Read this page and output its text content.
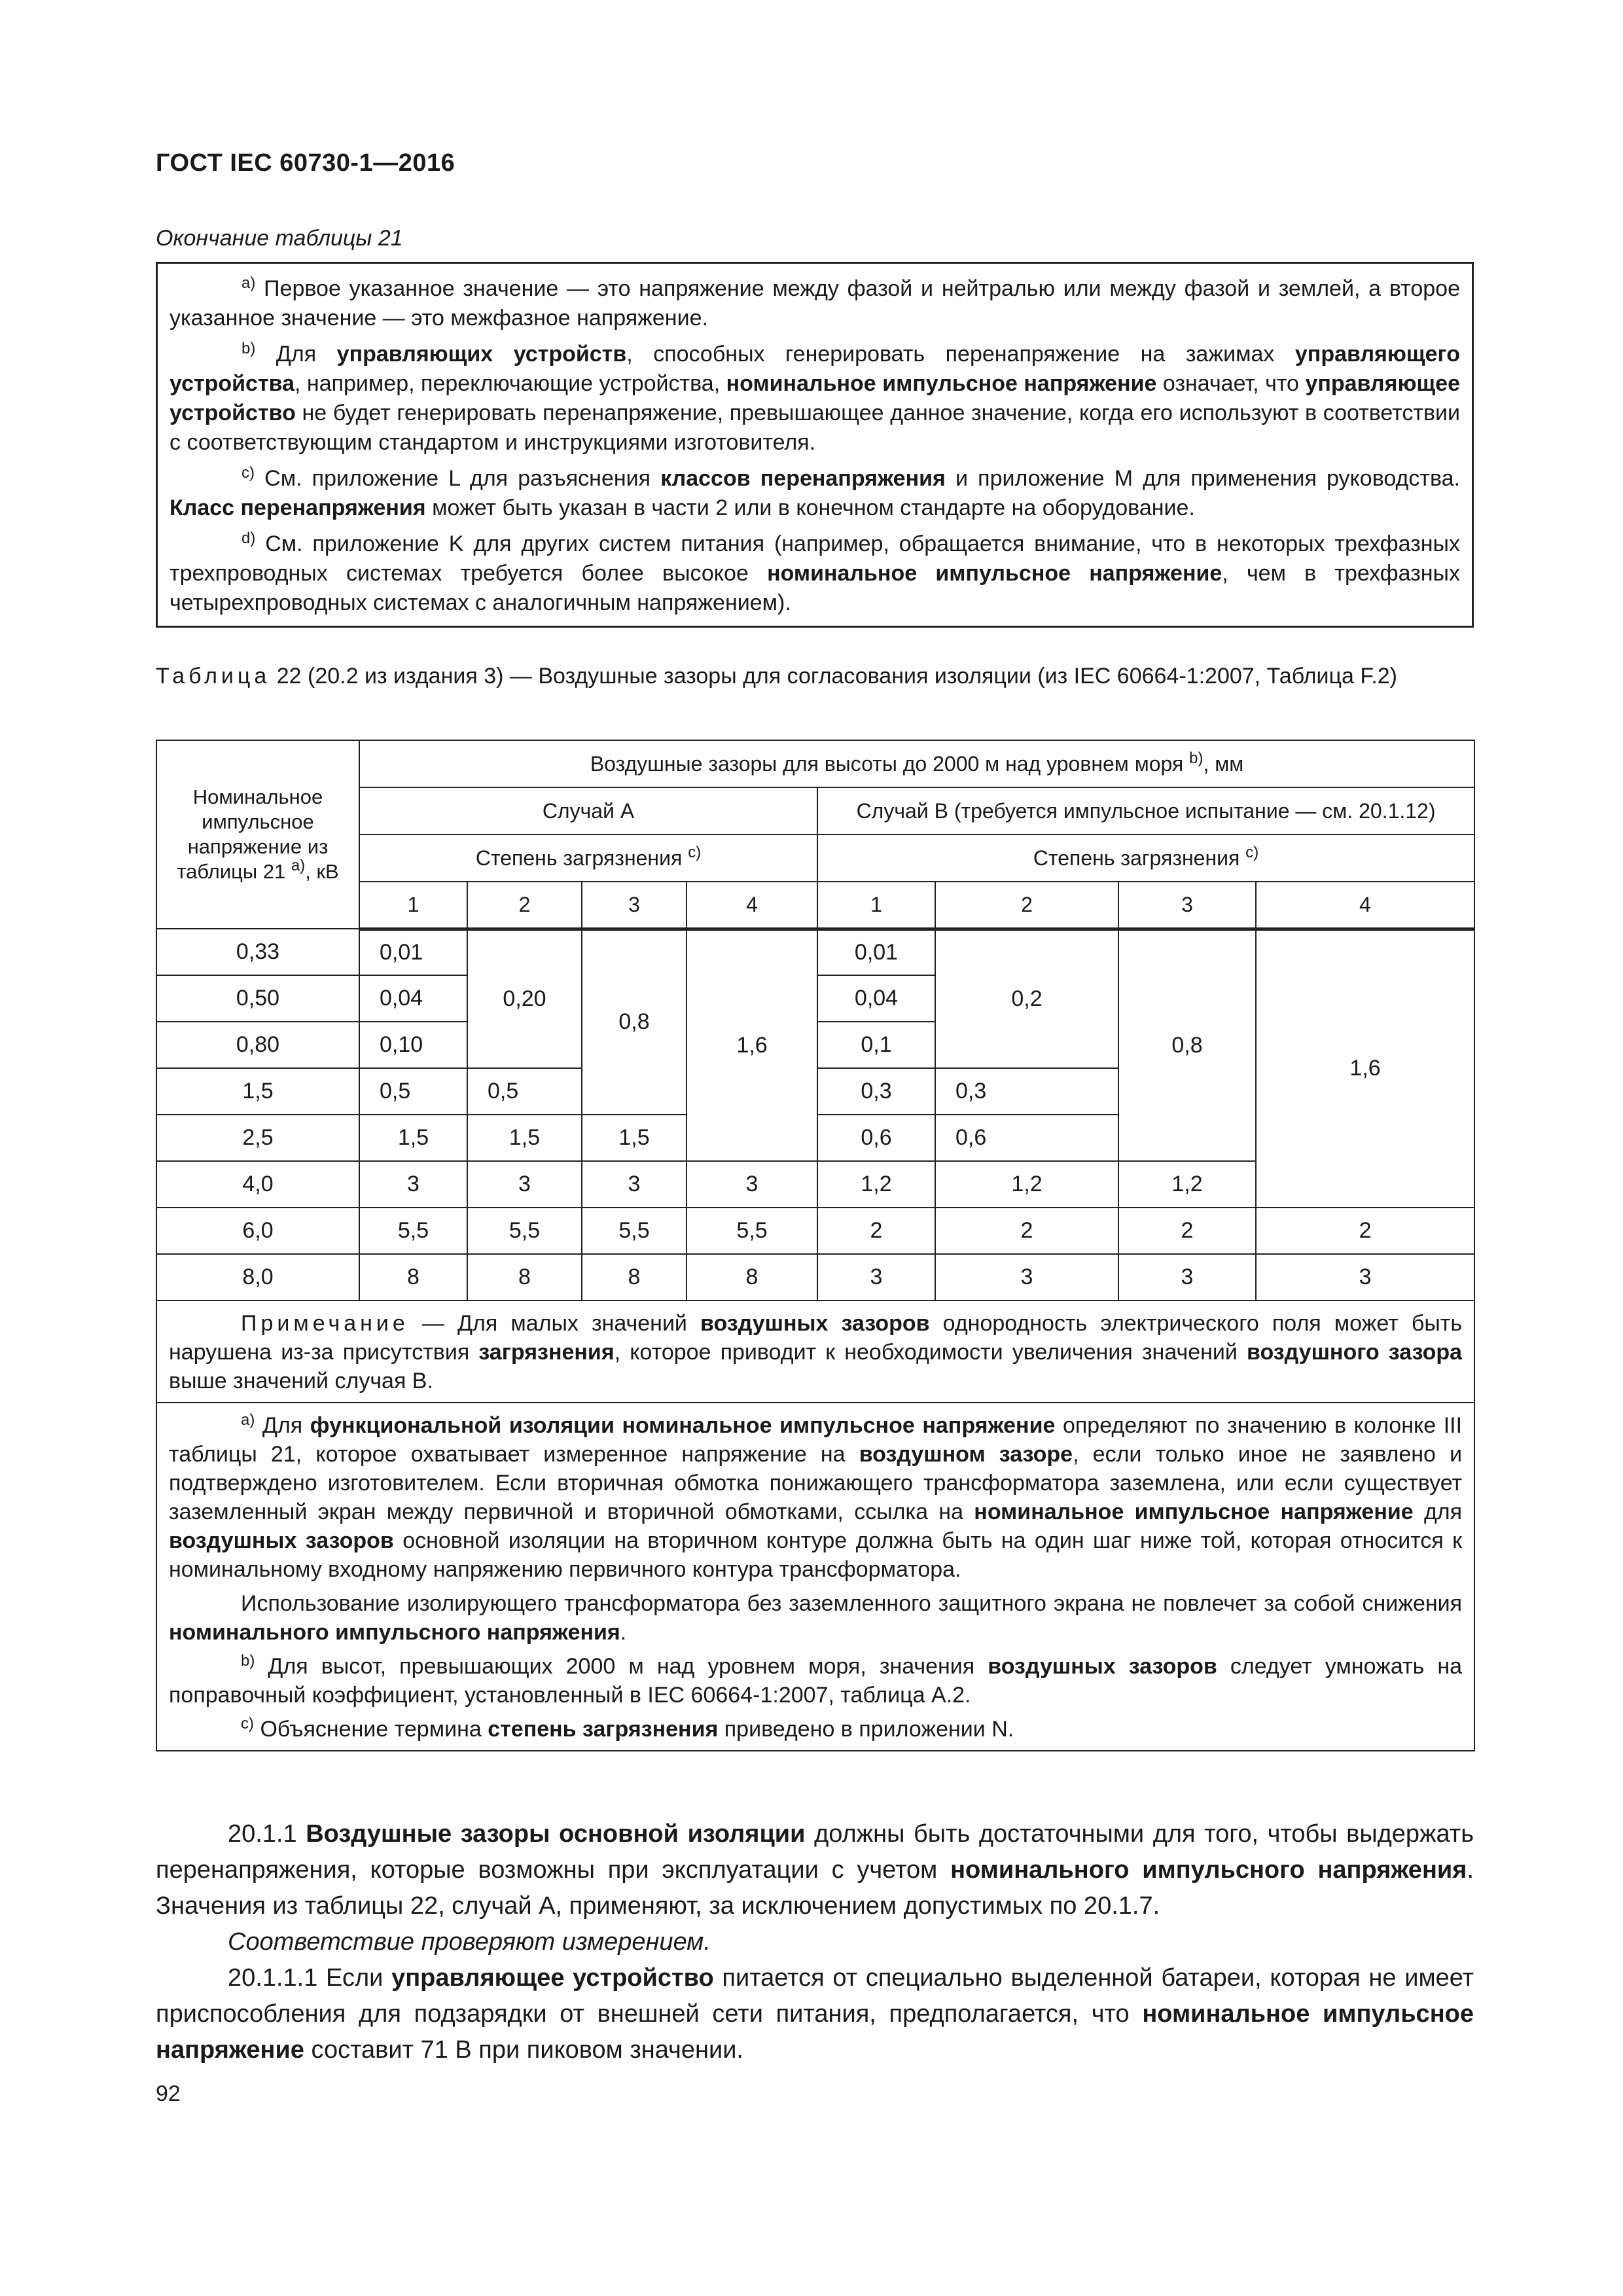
ГОСТ IEC 60730-1—2016
Окончание таблицы 21

$^{a)}$ Первое указанное значение — это напряжение между фазой и нейтралью или между фазой и землей, а второе указанное значение — это межфазное напряжение.

$^{b)}$ Для управляющих устройств, способных генерировать перенапряжение на зажимах управляющего устройства, например, переключающие устройства, номинальное импульсное напряжение означает, что управляющее устройство не будет генерировать перенапряжение, превышающее данное значение, когда его используют в соответствии с соответствующим стандартом и инструкциями изготовителя.

$^{c)}$ См. приложение L для разъяснения классов перенапряжения и приложение M для применения руководства. Класс перенапряжения может быть указан в части 2 или в конечном стандарте на оборудование.

$^{d)}$ См. приложение K для других систем питания (например, обращается внимание, что в некоторых трехфазных трехпроводных системах требуется более высокое номинальное импульсное напряжение, чем в трехфазных четырехпроводных системах с аналогичным напряжением).

Таблица 22 (20.2 из издания 3) — Воздушные зазоры для согласования изоляции (из IEC 60664-1:2007, Таблица F.2)
Номинальное импульсное напряжение из таблицы 21 $^{a)}$, кВ	Воздушные зазоры для высоты до 2000 м над уровнем моря $^{b)}$, мм							
	Случай А				Случай В (требуется импульсное испытание — см. 20.1.12)			
	Степень загрязнения $^{c)}$				Степень загрязнения $^{c)}$
	1	2	3	4	1	2	3	4
0,33	0,01	0,20	0,8	1,6	0,01	0,2	0,8	1,6
0,50	0,04				0,04			
0,80	0,10				0,1			
1,5	0,5	0,5			0,3	0,3		
2,5	1,5	1,5	1,5		0,6	0,6		
4,0	3	3	3	3	1,2	1,2	1,2	
6,0	5,5	5,5	5,5	5,5	2	2	2	2
8,0	8	8	8	8	3	3	3	3

Примечание — Для малых значений воздушных зазоров однородность электрического поля может быть нарушена из-за присутствия загрязнения, которое приводит к необходимости увеличения значений воздушного зазора выше значений случая В.								

$^{a)}$ Для функциональной изоляции номинальное импульсное напряжение определяют по значению в колонке III таблицы 21, которое охватывает измеренное напряжение на воздушном зазоре, если только иное не заявлено и подтверждено изготовителем. Если вторичная обмотка понижающего трансформатора заземлена, или если существует заземленный экран между первичной и вторичной обмотками, ссылка на номинальное импульсное напряжение для воздушных зазоров основной изоляции на вторичном контуре должна быть на один шаг ниже той, которая относится к номинальному входному напряжению первичного контура трансформатора.

Использование изолирующего трансформатора без заземленного защитного экрана не повлечет за собой снижения номинального импульсного напряжения.

$^{b)}$ Для высот, превышающих 2000 м над уровнем моря, значения воздушных зазоров следует умножать на поправочный коэффициент, установленный в IEC 60664-1:2007, таблица А.2.

$^{c)}$ Объяснение термина степень загрязнения приведено в приложении N.								

20.1.1 Воздушные зазоры основной изоляции должны быть достаточными для того, чтобы выдержать перенапряжения, которые возможны при эксплуатации с учетом номинального импульсного напряжения. Значения из таблицы 22, случай А, применяют, за исключением допустимых по 20.1.7.

Соответствие проверяют измерением.

20.1.1.1 Если управляющее устройство питается от специально выделенной батареи, которая не имеет приспособления для подзарядки от внешней сети питания, предполагается, что номинальное импульсное напряжение составит 71 В при пиковом значении.

92
